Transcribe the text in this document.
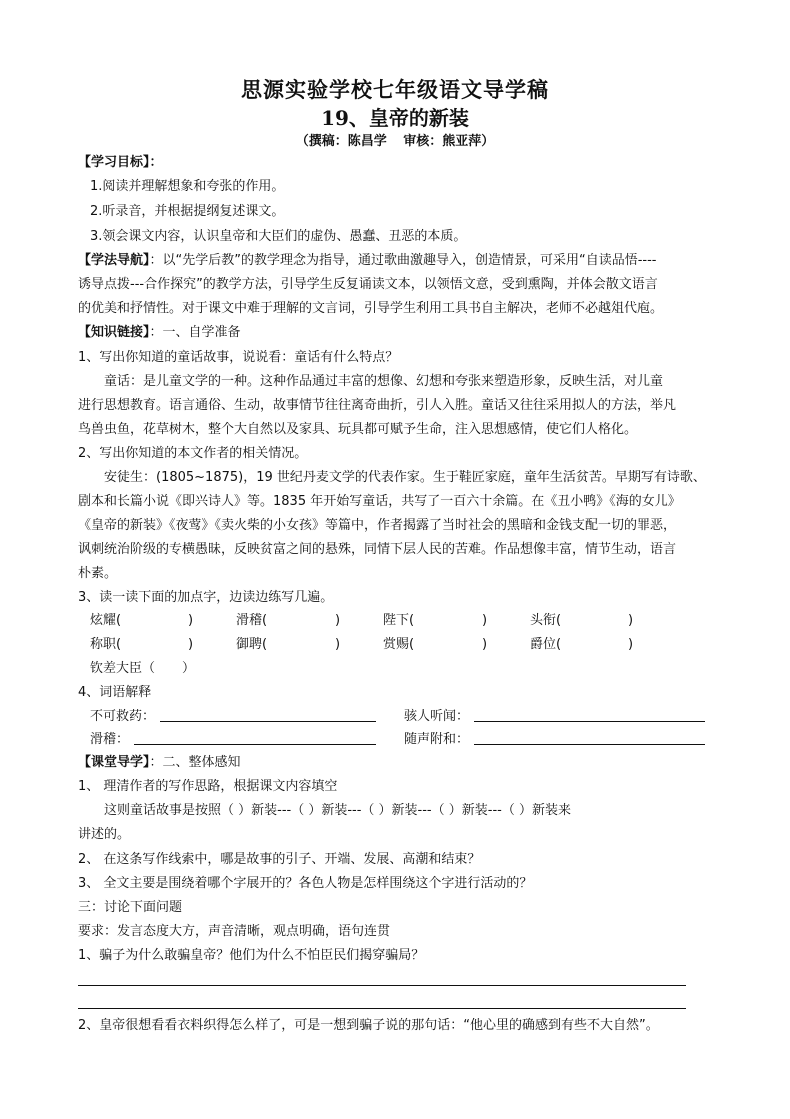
思源实验学校七年级语文导学稿
19、皇帝的新装
（撰稿：陈昌学 审核：熊亚萍）
【学习目标】：
1.阅读并理解想象和夸张的作用。
2.听录音，并根据提纲复述课文。
3.领会课文内容，认识皇帝和大臣们的虚伪、愚蠢、丑恶的本质。
【学法导航】：以“先学后教”的教学理念为指导，通过歌曲激趣导入，创造情景，可采用“自读品悟----
诱导点拨---合作探究”的教学方法，引导学生反复诵读文本，以领悟文意，受到熏陶，并体会散文语言
的优美和抒情性。对于课文中难于理解的文言词，引导学生利用工具书自主解决，老师不必越俎代庖。
【知识链接】：一、自学准备
1、写出你知道的童话故事，说说看：童话有什么特点？
童话：是儿童文学的一种。这种作品通过丰富的想像、幻想和夸张来塑造形象，反映生活，对儿童
进行思想教育。语言通俗、生动，故事情节往往离奇曲折，引人入胜。童话又往往采用拟人的方法，举凡
鸟兽虫鱼，花草树木，整个大自然以及家具、玩具都可赋予生命，注入思想感情，使它们人格化。
2、写出你知道的本文作者的相关情况。
安徒生：(1805~1875)，19 世纪丹麦文学的代表作家。生于鞋匠家庭，童年生活贫苦。早期写有诗歌、
剧本和长篇小说《即兴诗人》等。1835 年开始写童话，共写了一百六十余篇。在《丑小鸭》《海的女儿》
《皇帝的新装》《夜莺》《卖火柴的小女孩》等篇中，作者揭露了当时社会的黑暗和金钱支配一切的罪恶，
讽刺统治阶级的专横愚昧，反映贫富之间的悬殊，同情下层人民的苦难。作品想像丰富，情节生动，语言
朴素。
3、读一读下面的加点字，边读边练写几遍。
炫耀(	)	滑稽(	)	陛下(	)	头衔(	)
称职(	)	御聘(	)	赏赐(	)	爵位(	)
钦差大臣（ ）
4、词语解释
不可救药：	骇人听闻：
滑稽：	随声附和：
【课堂导学】：二、整体感知
1、 理清作者的写作思路，根据课文内容填空
这则童话故事是按照（ ）新装---（ ）新装---（ ）新装---（ ）新装---（ ）新装来
讲述的。
2、 在这条写作线索中，哪是故事的引子、开端、发展、高潮和结束？
3、 全文主要是围绕着哪个字展开的？各色人物是怎样围绕这个字进行活动的？
三：讨论下面问题
要求：发言态度大方，声音清晰，观点明确，语句连贯
1、骗子为什么敢骗皇帝？他们为什么不怕臣民们揭穿骗局？
2、皇帝很想看看衣料织得怎么样了，可是一想到骗子说的那句话：“他心里的确感到有些不大自然”。
